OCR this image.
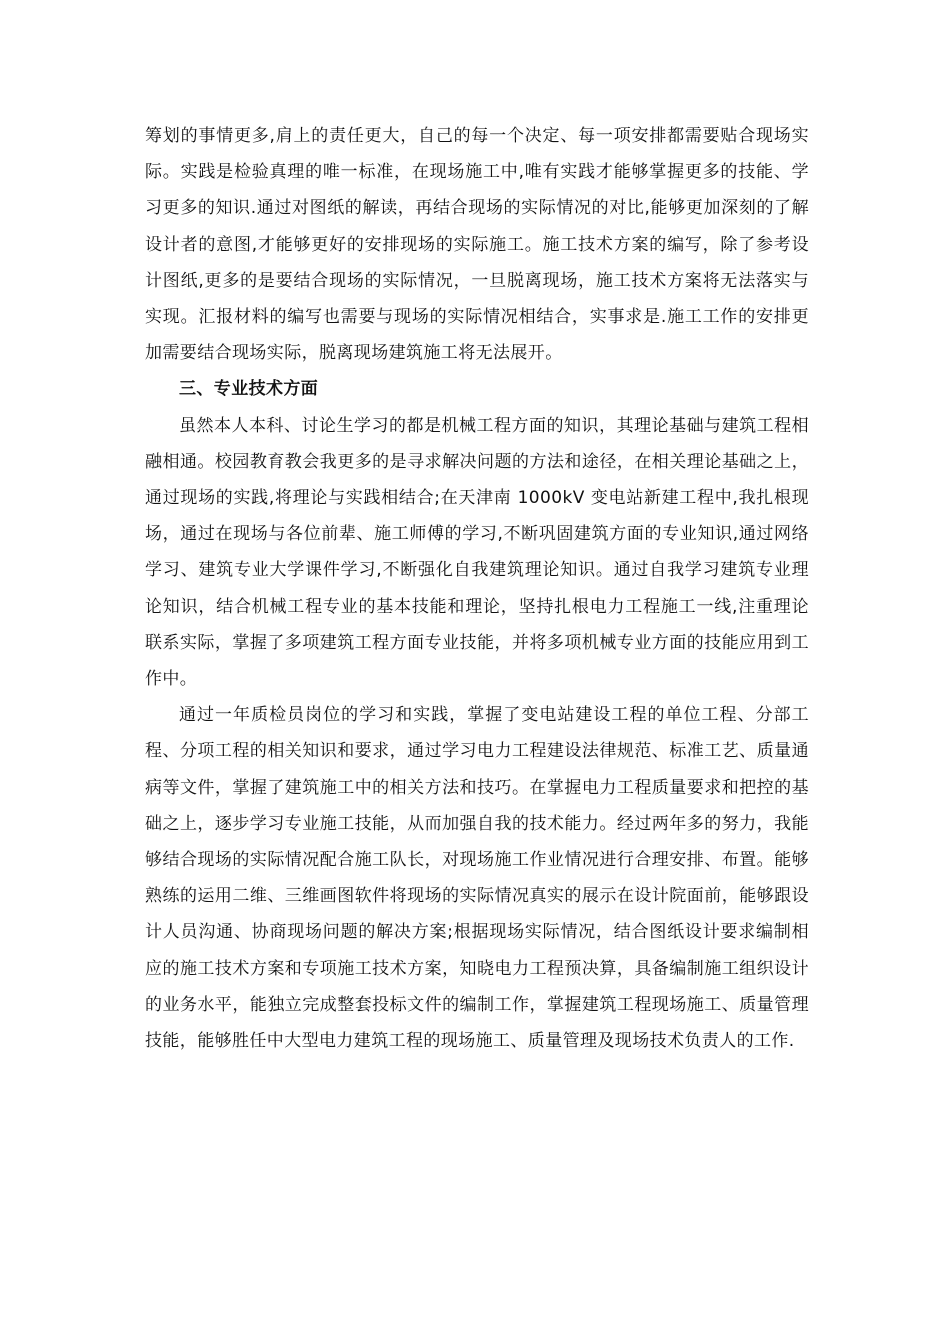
筹划的事情更多,肩上的责任更大，自己的每一个决定、每一项安排都需要贴合现场实际。实践是检验真理的唯一标准，在现场施工中,唯有实践才能够掌握更多的技能、学习更多的知识.通过对图纸的解读，再结合现场的实际情况的对比,能够更加深刻的了解设计者的意图,才能够更好的安排现场的实际施工。施工技术方案的编写，除了参考设计图纸,更多的是要结合现场的实际情况，一旦脱离现场，施工技术方案将无法落实与实现。汇报材料的编写也需要与现场的实际情况相结合，实事求是.施工工作的安排更加需要结合现场实际，脱离现场建筑施工将无法展开。

三、专业技术方面

虽然本人本科、讨论生学习的都是机械工程方面的知识，其理论基础与建筑工程相融相通。校园教育教会我更多的是寻求解决问题的方法和途径，在相关理论基础之上，通过现场的实践,将理论与实践相结合;在天津南 1000kV 变电站新建工程中,我扎根现场，通过在现场与各位前辈、施工师傅的学习,不断巩固建筑方面的专业知识,通过网络学习、建筑专业大学课件学习,不断强化自我建筑理论知识。通过自我学习建筑专业理论知识，结合机械工程专业的基本技能和理论，坚持扎根电力工程施工一线,注重理论联系实际，掌握了多项建筑工程方面专业技能，并将多项机械专业方面的技能应用到工作中。

通过一年质检员岗位的学习和实践，掌握了变电站建设工程的单位工程、分部工程、分项工程的相关知识和要求，通过学习电力工程建设法律规范、标准工艺、质量通病等文件，掌握了建筑施工中的相关方法和技巧。在掌握电力工程质量要求和把控的基础之上，逐步学习专业施工技能，从而加强自我的技术能力。经过两年多的努力，我能够结合现场的实际情况配合施工队长，对现场施工作业情况进行合理安排、布置。能够熟练的运用二维、三维画图软件将现场的实际情况真实的展示在设计院面前，能够跟设计人员沟通、协商现场问题的解决方案;根据现场实际情况，结合图纸设计要求编制相应的施工技术方案和专项施工技术方案，知晓电力工程预决算，具备编制施工组织设计的业务水平，能独立完成整套投标文件的编制工作，掌握建筑工程现场施工、质量管理技能，能够胜任中大型电力建筑工程的现场施工、质量管理及现场技术负责人的工作.
